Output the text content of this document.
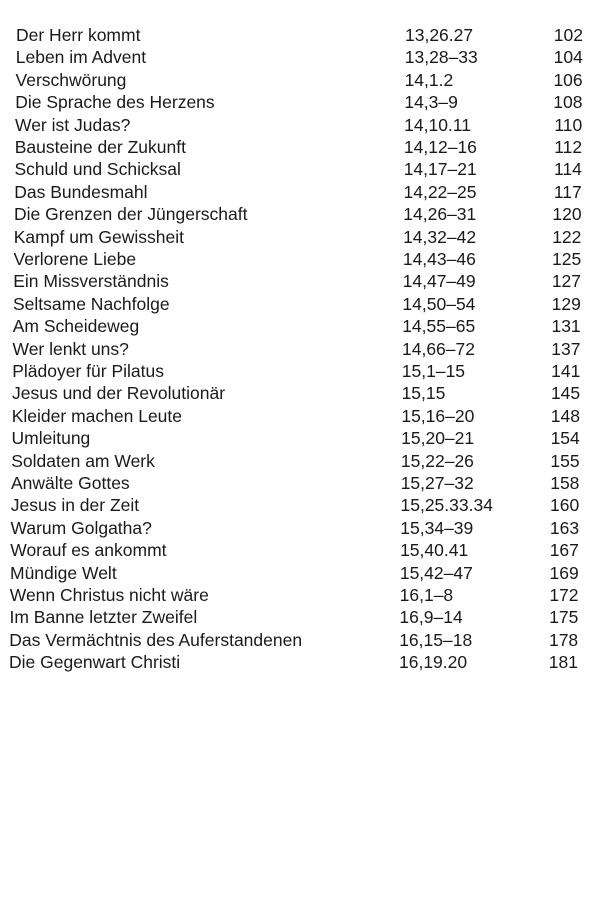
Der Herr kommt	13,26.27	102
Leben im Advent	13,28–33	104
Verschwörung	14,1.2	106
Die Sprache des Herzens	14,3–9	108
Wer ist Judas?	14,10.11	110
Bausteine der Zukunft	14,12–16	112
Schuld und Schicksal	14,17–21	114
Das Bundesmahl	14,22–25	117
Die Grenzen der Jüngerschaft	14,26–31	120
Kampf um Gewissheit	14,32–42	122
Verlorene Liebe	14,43–46	125
Ein Missverständnis	14,47–49	127
Seltsame Nachfolge	14,50–54	129
Am Scheideweg	14,55–65	131
Wer lenkt uns?	14,66–72	137
Plädoyer für Pilatus	15,1–15	141
Jesus und der Revolutionär	15,15	145
Kleider machen Leute	15,16–20	148
Umleitung	15,20–21	154
Soldaten am Werk	15,22–26	155
Anwälte Gottes	15,27–32	158
Jesus in der Zeit	15,25.33.34	160
Warum Golgatha?	15,34–39	163
Worauf es ankommt	15,40.41	167
Mündige Welt	15,42–47	169
Wenn Christus nicht wäre	16,1–8	172
Im Banne letzter Zweifel	16,9–14	175
Das Vermächtnis des Auferstandenen	16,15–18	178
Die Gegenwart Christi	16,19.20	181
